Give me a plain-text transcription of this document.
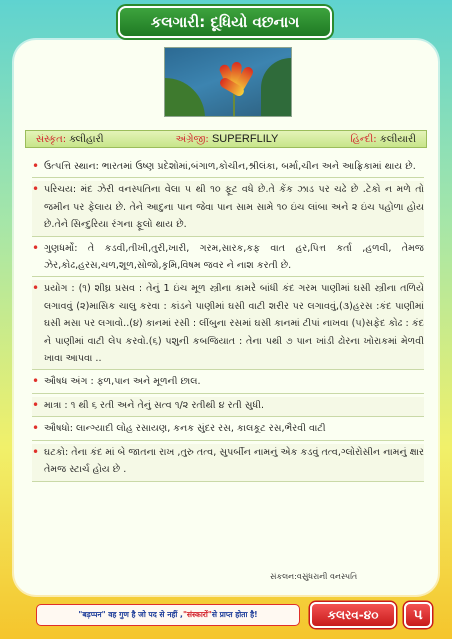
કલગારી: દૂધિયો વછનાગ
સંસ્કૃત: ક્લીહારી	અંગ્રેજી: SUPERFLILY	હિન્દી: કલીયારી
• ઉત્પત્તિ સ્થાન: ભારતમાં ઉષ્ણ પ્રદેશોમાં,બંગાળ,કોચીન,શ્રીલંકા, બર્મા,ચીન અને આફ્રિકામાં થાય છે.
• પરિચય: મંદ ઝેરી વનસ્પતિના વેલા ૫ થી ૧૦ ફૂટ વધે છે.તે કેંક ઝાડ પર ચઢે છે .ટેકો ન મળે તો જમીન પર ફેલાય છે. તેને આદુના પાન જેવા પાન સામ સામે ૧૦ ઇંચ લાંબા અને ૨ ઇંચ પહોળા હોય છે.તેને સિન્દુરિયા રંગના ફૂલો થાય છે.
• ગુણધર્મો: તે કડવી,તીખી,તુરી,ખારી, ગરમ,સારક,કફ વાત હર,પિત્ત કર્તા ,હળવી, તેમજ ઝેર,કોઢ,હરસ,ચળ,શૂળ,સોજો,કૃમિ,વિષમ જવર ને નાશ કરતી છે.
• પ્રયોગ : (૧) શીઘ્ર પ્રસવ : તેનું 1 ઇંચ મૂળ સ્ત્રીના કામરે બાંધી કંદ ગરમ પાણીમાં ઘસી સ્ત્રીના તળિયે લગાવવું (૨)માસિક ચાલુ કરવા : કાંડને પાણીમાં ઘસી વાટી શરીર પર લગાવવું,(૩)હરસ :કંદ પાણીમાં ઘસી મસા પર લગાવો..(૪) કાનમાં રસી : લીંબુના રસમાં ઘસી કાનમાં ટીપાં નાખવા (૫)સફેદ કોઢ : કંદ ને પાણીમાં વાટી લેપ કરવો.(૬) પશુની કબજિયાત : તેના પથી ૭ પાન ખાંડી ઢોરના ખોરાકમાં મેળવી ખાવા આપવા ..
• ઔષધ અંગ : ફળ,પાન અને મૂળની છાલ.
• માત્રા : ૧ થી ૬ રતી અને તેનું સત્વ ૧/૨ રતીથી ૪ રતી સુધી.
• ઔષધો: લાન્ગ્યાદી લોહ રસાયણ, કનક સુંદર રસ, કાલકૂટ રસ,ભૈરવી વાટી
• ઘટકો: તેના કંદ માં બે જાતના રાખ ,તુરુ તત્વ, સુપર્બીન નામનું એક કડવું તત્વ,ગ્લોરોસીન નામનું ક્ષાર તેમજ સ્ટાર્ચ હોય છે .
સંકલન:વસુંધરાની વનસ્પતિ
"बड़प्पन" वह गुण है जो पद से नहीं , "संस्कारों" से प्राप्त होता है!	કલરવ-૪૦	૫
